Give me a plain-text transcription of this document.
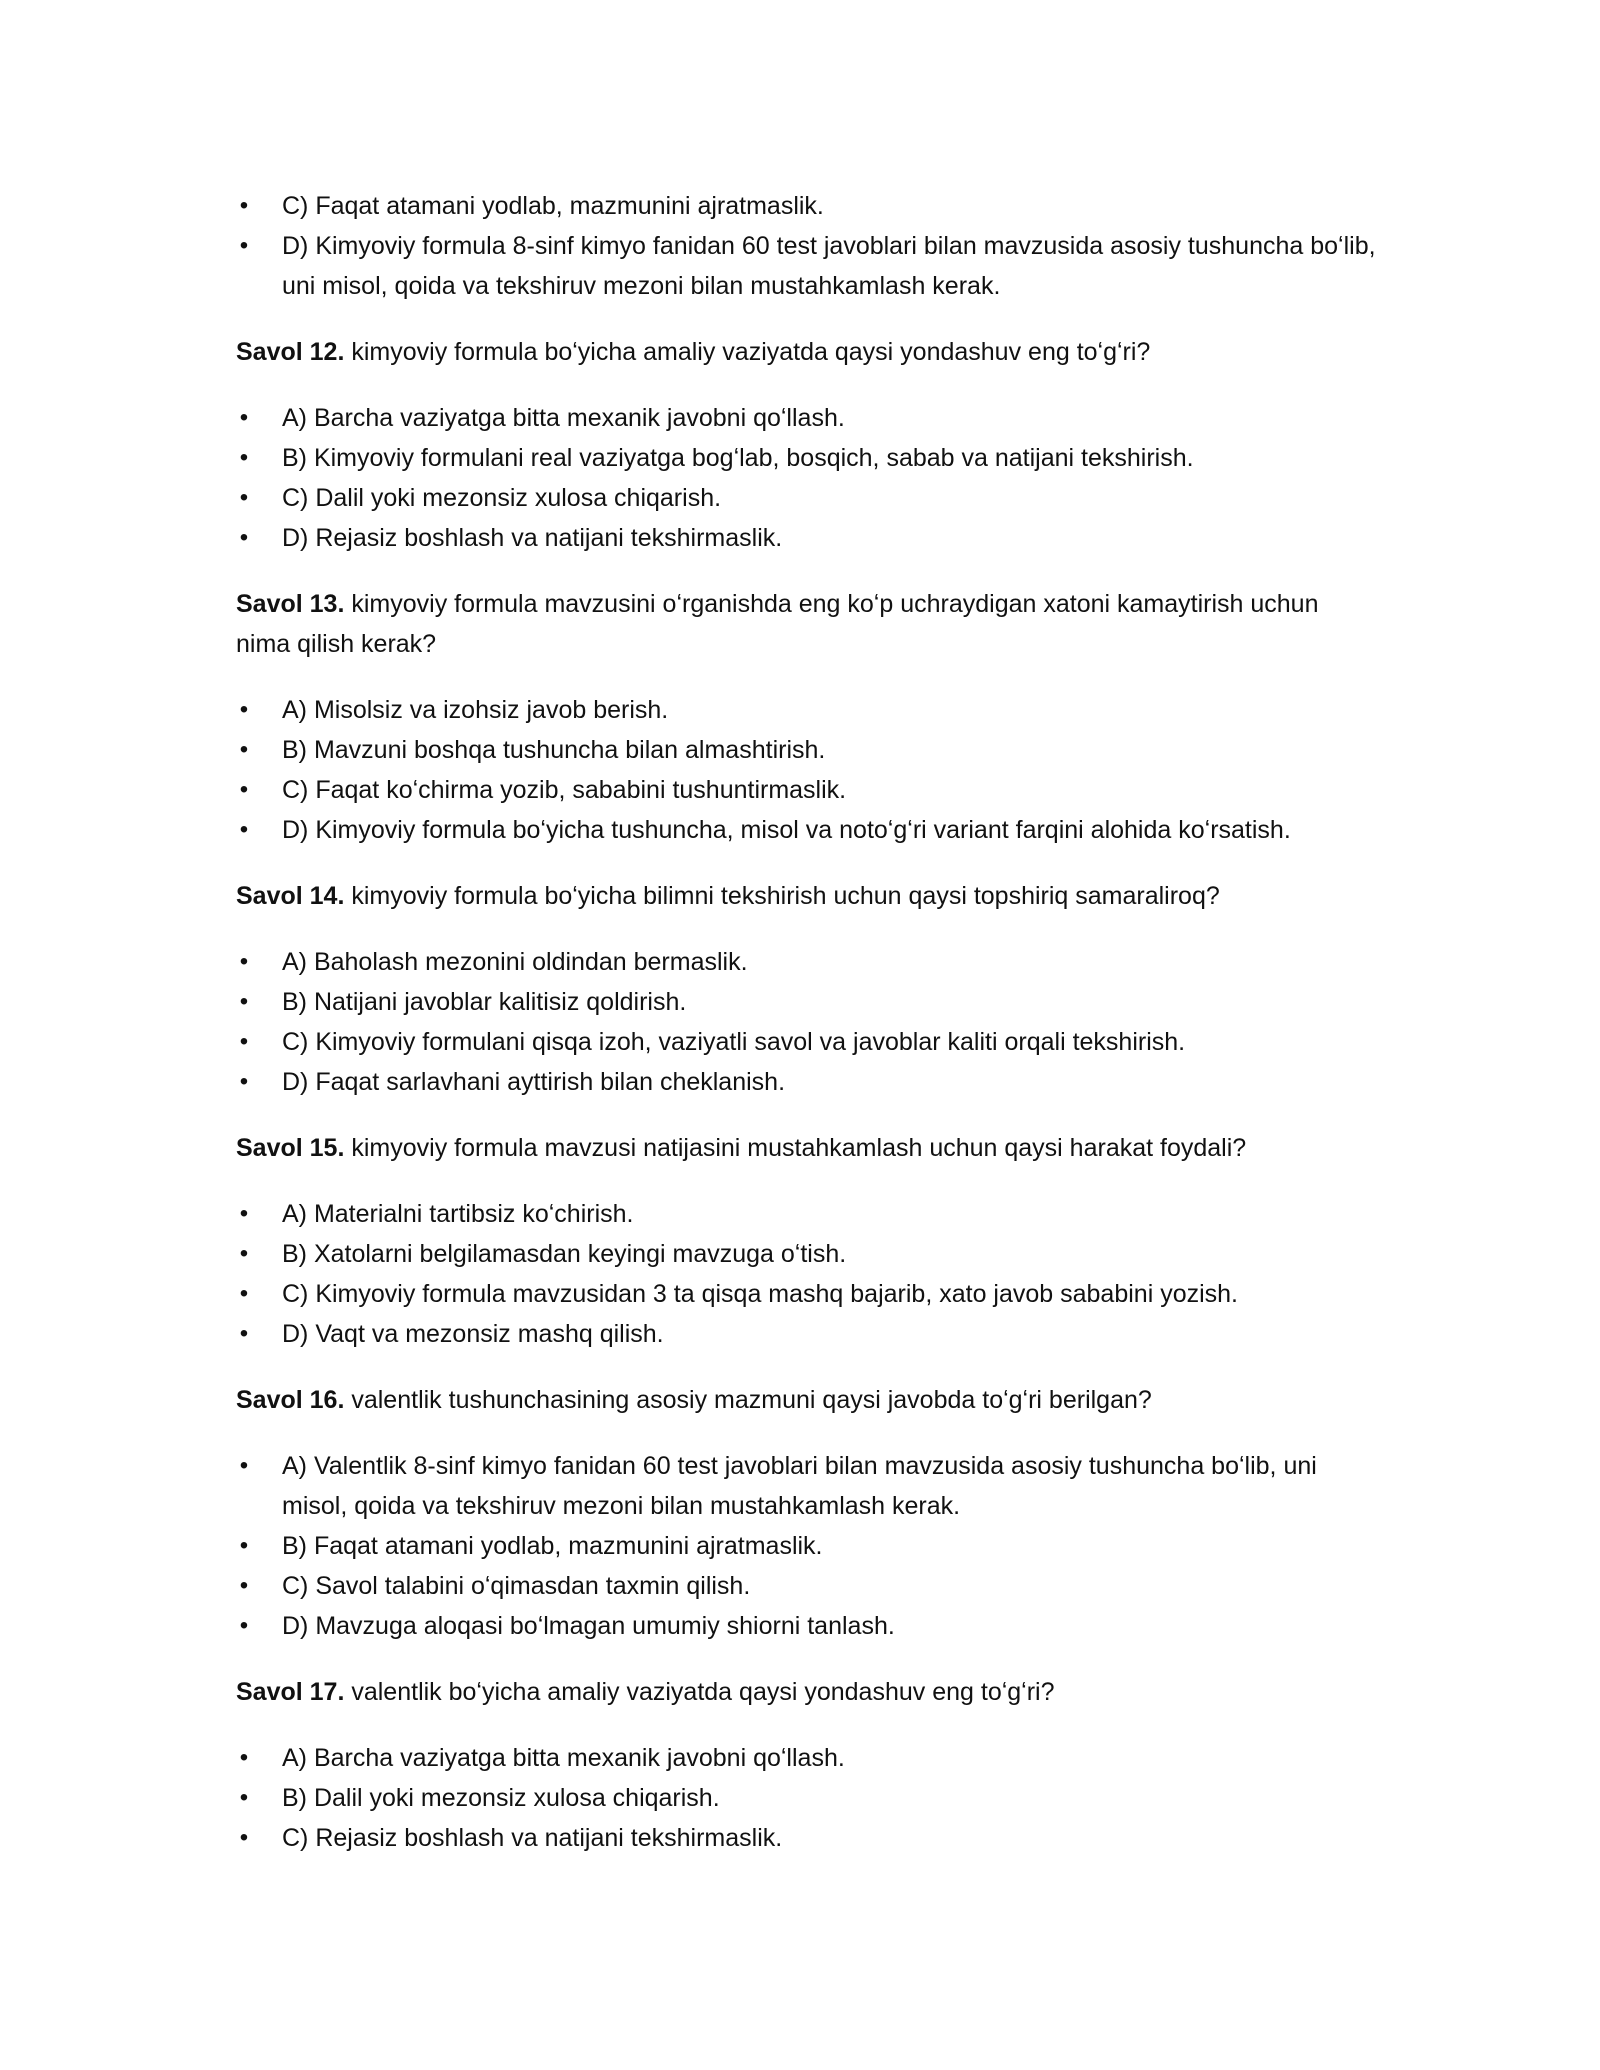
• C) Faqat atamani yodlab, mazmunini ajratmaslik.
• D) Kimyoviy formula 8-sinf kimyo fanidan 60 test javoblari bilan mavzusida asosiy tushuncha boʻlib, uni misol, qoida va tekshiruv mezoni bilan mustahkamlash kerak.

Savol 12. kimyoviy formula boʻyicha amaliy vaziyatda qaysi yondashuv eng toʻgʻri?

• A) Barcha vaziyatga bitta mexanik javobni qoʻllash.
• B) Kimyoviy formulani real vaziyatga bogʻlab, bosqich, sabab va natijani tekshirish.
• C) Dalil yoki mezonsiz xulosa chiqarish.
• D) Rejasiz boshlash va natijani tekshirmaslik.

Savol 13. kimyoviy formula mavzusini oʻrganishda eng koʻp uchraydigan xatoni kamaytirish uchun nima qilish kerak?

• A) Misolsiz va izohsiz javob berish.
• B) Mavzuni boshqa tushuncha bilan almashtirish.
• C) Faqat koʻchirma yozib, sababini tushuntirmaslik.
• D) Kimyoviy formula boʻyicha tushuncha, misol va notoʻgʻri variant farqini alohida koʻrsatish.

Savol 14. kimyoviy formula boʻyicha bilimni tekshirish uchun qaysi topshiriq samaraliroq?

• A) Baholash mezonini oldindan bermaslik.
• B) Natijani javoblar kalitisiz qoldirish.
• C) Kimyoviy formulani qisqa izoh, vaziyatli savol va javoblar kaliti orqali tekshirish.
• D) Faqat sarlavhani ayttirish bilan cheklanish.

Savol 15. kimyoviy formula mavzusi natijasini mustahkamlash uchun qaysi harakat foydali?

• A) Materialni tartibsiz koʻchirish.
• B) Xatolarni belgilamasdan keyingi mavzuga oʻtish.
• C) Kimyoviy formula mavzusidan 3 ta qisqa mashq bajarib, xato javob sababini yozish.
• D) Vaqt va mezonsiz mashq qilish.

Savol 16. valentlik tushunchasining asosiy mazmuni qaysi javobda toʻgʻri berilgan?

• A) Valentlik 8-sinf kimyo fanidan 60 test javoblari bilan mavzusida asosiy tushuncha boʻlib, uni misol, qoida va tekshiruv mezoni bilan mustahkamlash kerak.
• B) Faqat atamani yodlab, mazmunini ajratmaslik.
• C) Savol talabini oʻqimasdan taxmin qilish.
• D) Mavzuga aloqasi boʻlmagan umumiy shiorni tanlash.

Savol 17. valentlik boʻyicha amaliy vaziyatda qaysi yondashuv eng toʻgʻri?

• A) Barcha vaziyatga bitta mexanik javobni qoʻllash.
• B) Dalil yoki mezonsiz xulosa chiqarish.
• C) Rejasiz boshlash va natijani tekshirmaslik.
